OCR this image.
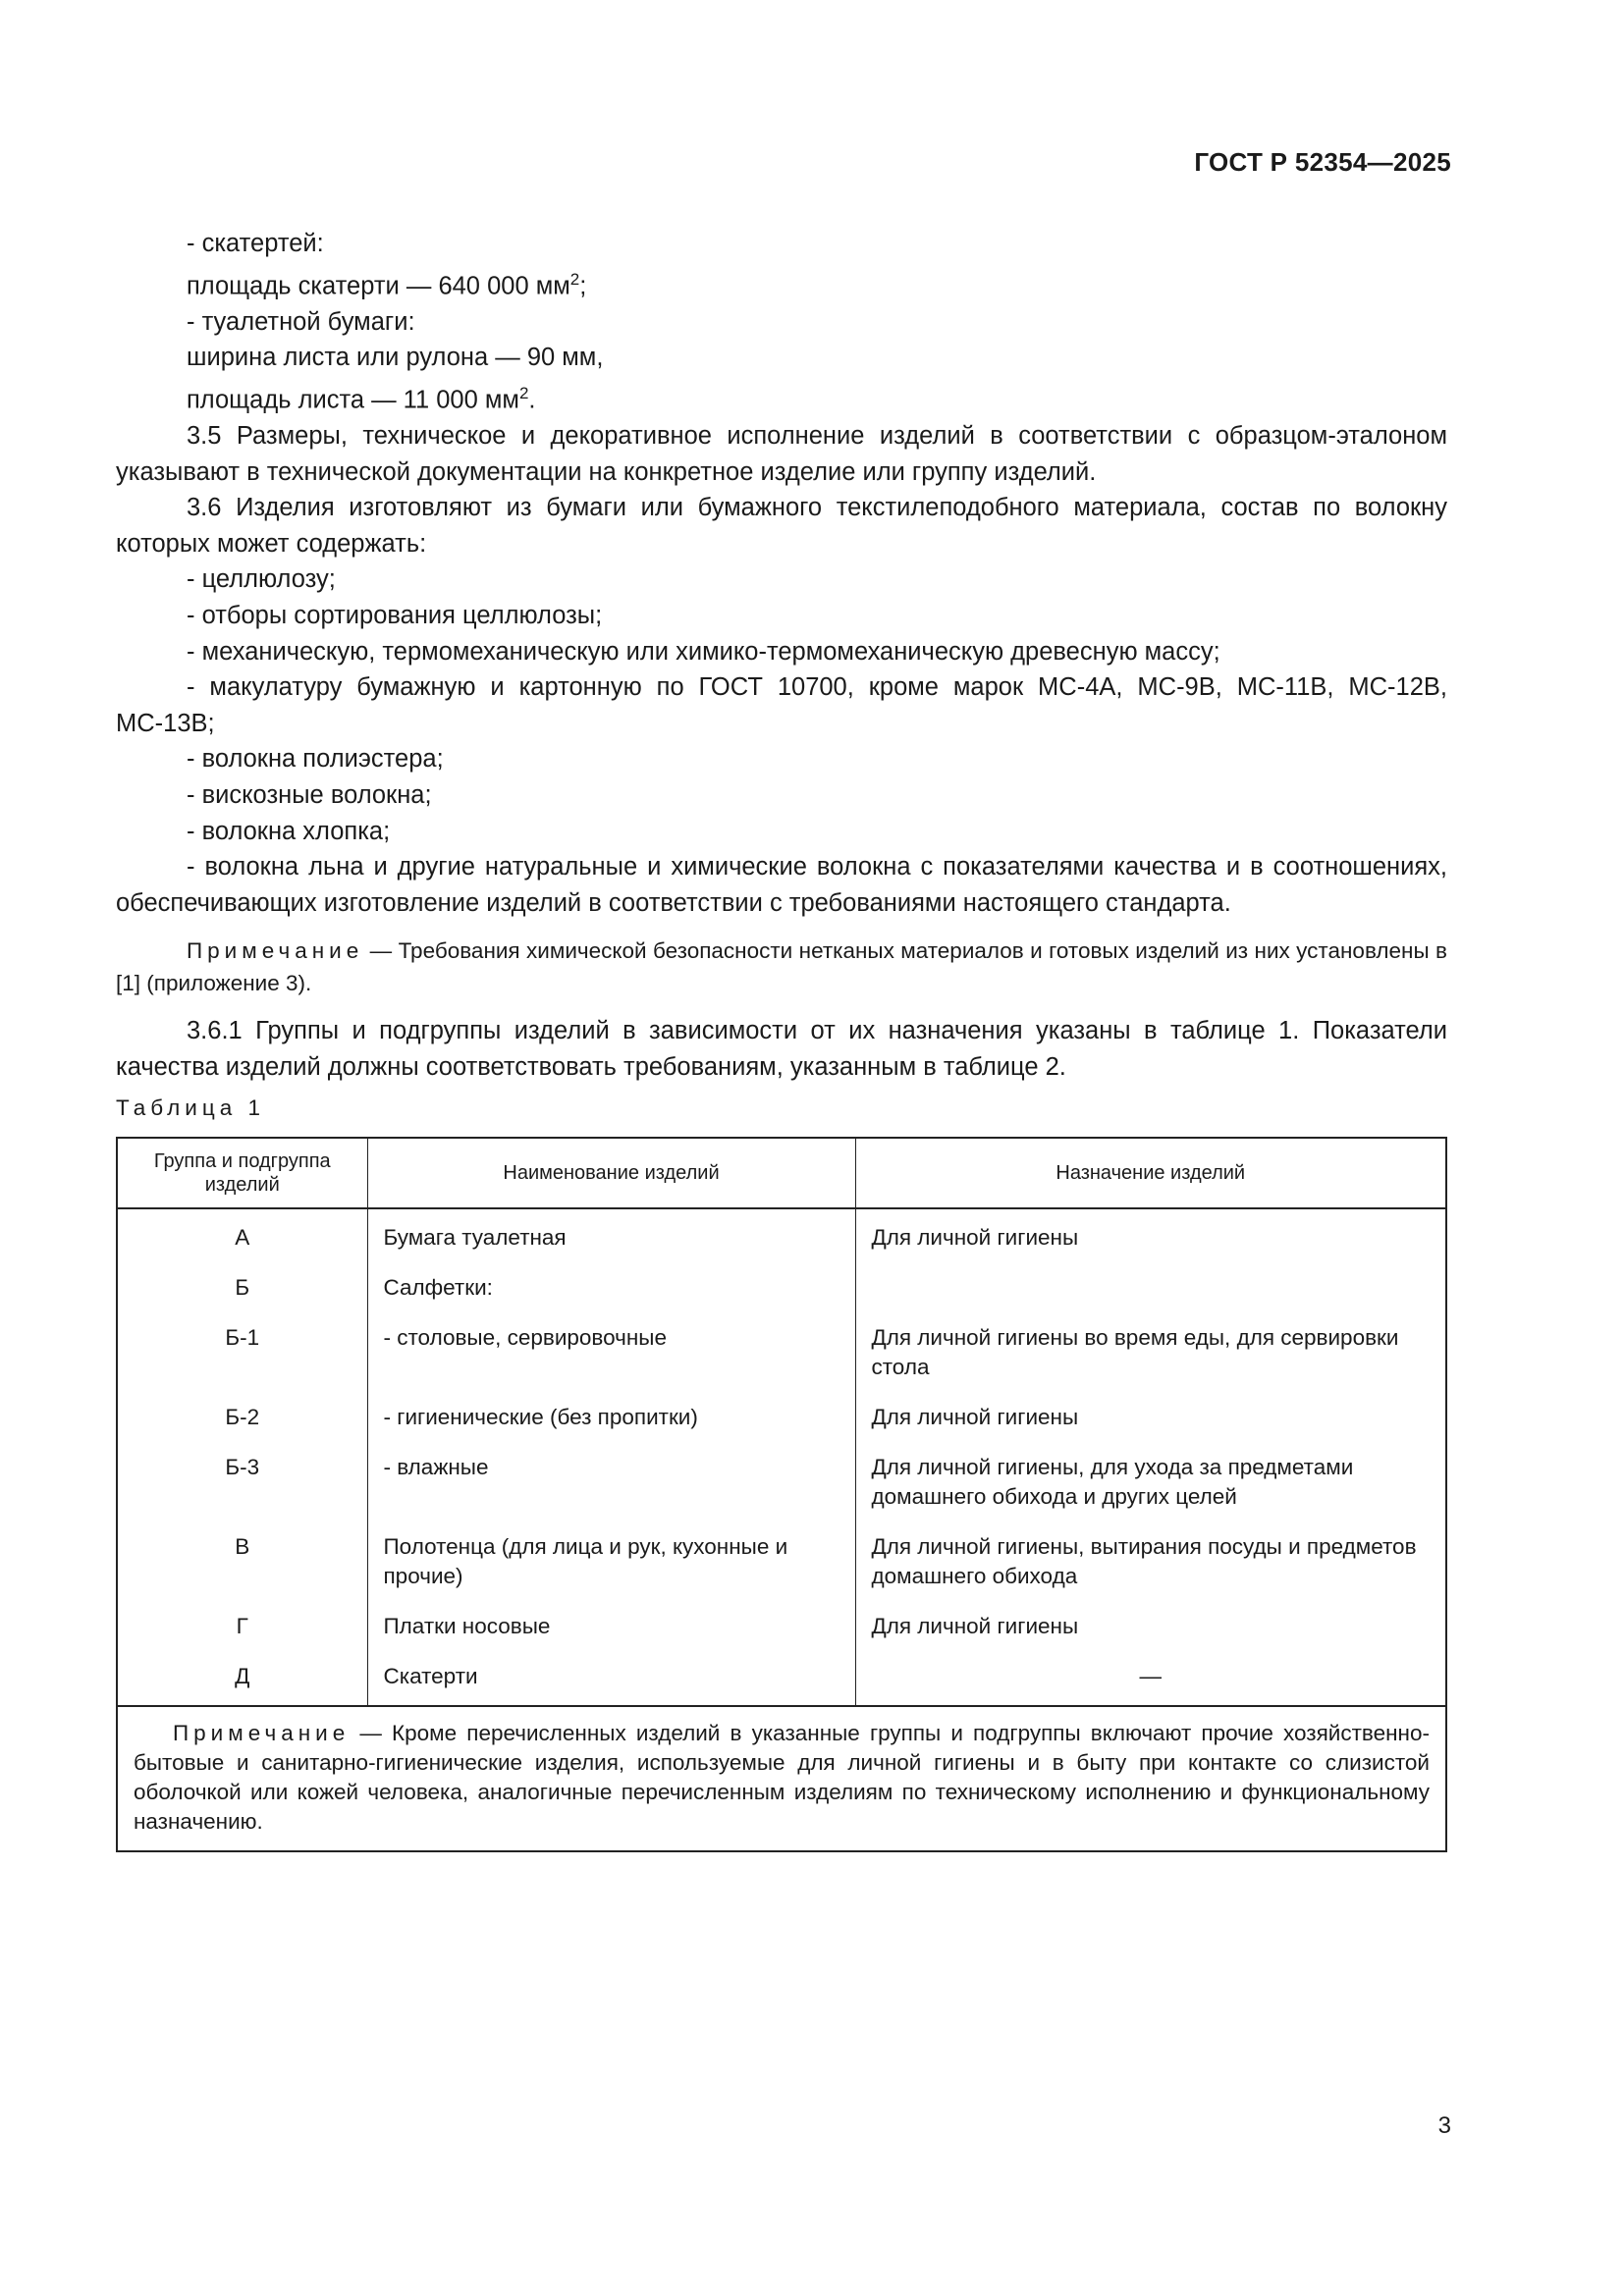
ГОСТ Р 52354—2025

- скатертей:

площадь скатерти — 640 000 $мм^2$;

- туалетной бумаги:

ширина листа или рулона — 90 мм,

площадь листа — 11 000 $мм^2$.

3.5 Размеры, техническое и декоративное исполнение изделий в соответствии с образцом-эталоном указывают в технической документации на конкретное изделие или группу изделий.

3.6 Изделия изготовляют из бумаги или бумажного текстилеподобного материала, состав по волокну которых может содержать:

- целлюлозу;

- отборы сортирования целлюлозы;

- механическую, термомеханическую или химико-термомеханическую древесную массу;

- макулатуру бумажную и картонную по ГОСТ 10700, кроме марок МС-4А, МС-9В, МС-11В, МС-12В, МС-13В;

- волокна полиэстера;

- вискозные волокна;

- волокна хлопка;

- волокна льна и другие натуральные и химические волокна с показателями качества и в соотношениях, обеспечивающих изготовление изделий в соответствии с требованиями настоящего стандарта.

Примечание — Требования химической безопасности нетканых материалов и готовых изделий из них установлены в [1] (приложение 3).

3.6.1 Группы и подгруппы изделий в зависимости от их назначения указаны в таблице 1. Показатели качества изделий должны соответствовать требованиям, указанным в таблице 2.

Таблица 1
Группа и подгруппа изделий	Наименование изделий	Назначение изделий
А	Бумага туалетная	Для личной гигиены
Б	Салфетки:	
Б-1	- столовые, сервировочные	Для личной гигиены во время еды, для сервировки стола
Б-2	- гигиенические (без пропитки)	Для личной гигиены
Б-3	- влажные	Для личной гигиены, для ухода за предметами домашнего обихода и других целей
В	Полотенца (для лица и рук, кухонные и прочие)	Для личной гигиены, вытирания посуды и предметов домашнего обихода
Г	Платки носовые	Для личной гигиены
Д	Скатерти	—
Примечание — Кроме перечисленных изделий в указанные группы и подгруппы включают прочие хозяйственно-бытовые и санитарно-гигиенические изделия, используемые для личной гигиены и в быту при контакте со слизистой оболочкой или кожей человека, аналогичные перечисленным изделиям по техническому исполнению и функциональному назначению.		
3
